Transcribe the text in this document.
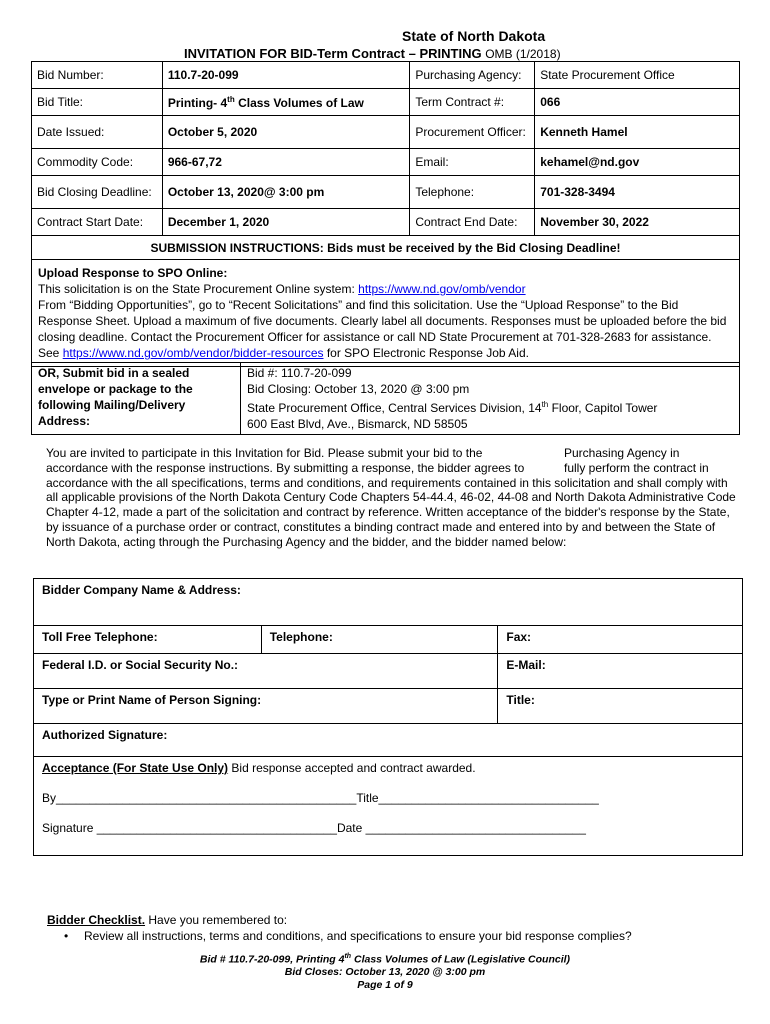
State of North Dakota
INVITATION FOR BID-Term Contract – PRINTING OMB (1/2018)
Bid Number:	110.7-20-099	Purchasing Agency:	State Procurement Office
Bid Title:	Printing- 4th Class Volumes of Law	Term Contract #:	066
Date Issued:	October 5, 2020	Procurement Officer:	Kenneth Hamel
Commodity Code:	966-67,72	Email:	kehamel@nd.gov
Bid Closing Deadline:	October 13, 2020@ 3:00 pm	Telephone:	701-328-3494
Contract Start Date:	December 1, 2020	Contract End Date:	November 30, 2022
SUBMISSION INSTRUCTIONS: Bids must be received by the Bid Closing Deadline!			

Upload Response to SPO Online:
This solicitation is on the State Procurement Online system: https://www.nd.gov/omb/vendor
From “Bidding Opportunities”, go to “Recent Solicitations” and find this solicitation. Use the “Upload Response” to the Bid Response Sheet. Upload a maximum of five documents. Clearly label all documents. Responses must be uploaded before the bid closing deadline. Contact the Procurement Officer for assistance or call ND State Procurement at 701-328-2683 for assistance. See https://www.nd.gov/omb/vendor/bidder-resources for SPO Electronic Response Job Aid.			
OR, Submit bid in a sealed envelope or package to the following Mailing/Delivery Address:	
Bid #: 110.7-20-099
Bid Closing: October 13, 2020 @ 3:00 pm
State Procurement Office, Central Services Division, 14th Floor, Capitol Tower
600 East Blvd, Ave., Bismarck, ND 58505
You are invited to participate in this Invitation for Bid. Please submit your bid to the	Purchasing Agency in
accordance with the response instructions. By submitting a response, the bidder agrees to	fully perform the contract in
accordance with the all specifications, terms and conditions, and requirements contained in this solicitation and shall comply with all applicable provisions of the North Dakota Century Code Chapters 54-44.4, 46-02, 44-08 and North Dakota Administrative Code Chapter 4-12, made a part of the solicitation and contract by reference. Written acceptance of the bidder's response by the State, by issuance of a purchase order or contract, constitutes a binding contract made and entered into by and between the State of North Dakota, acting through the Purchasing Agency and the bidder, and the bidder named below:
Bidder Company Name & Address:		
Toll Free Telephone:	Telephone:	Fax:
Federal I.D. or Social Security No.:		E-Mail:
Type or Print Name of Person Signing:		Title:
Authorized Signature:		

Acceptance (For State Use Only) Bid response accepted and contract awarded.
By_____________________________________________Title_________________________________
Signature ____________________________________Date _________________________________		
Bidder Checklist. Have you remembered to:
• Review all instructions, terms and conditions, and specifications to ensure your bid response complies?
Bid # 110.7-20-099, Printing 4th Class Volumes of Law (Legislative Council)
Bid Closes: October 13, 2020 @ 3:00 pm
Page 1 of 9
